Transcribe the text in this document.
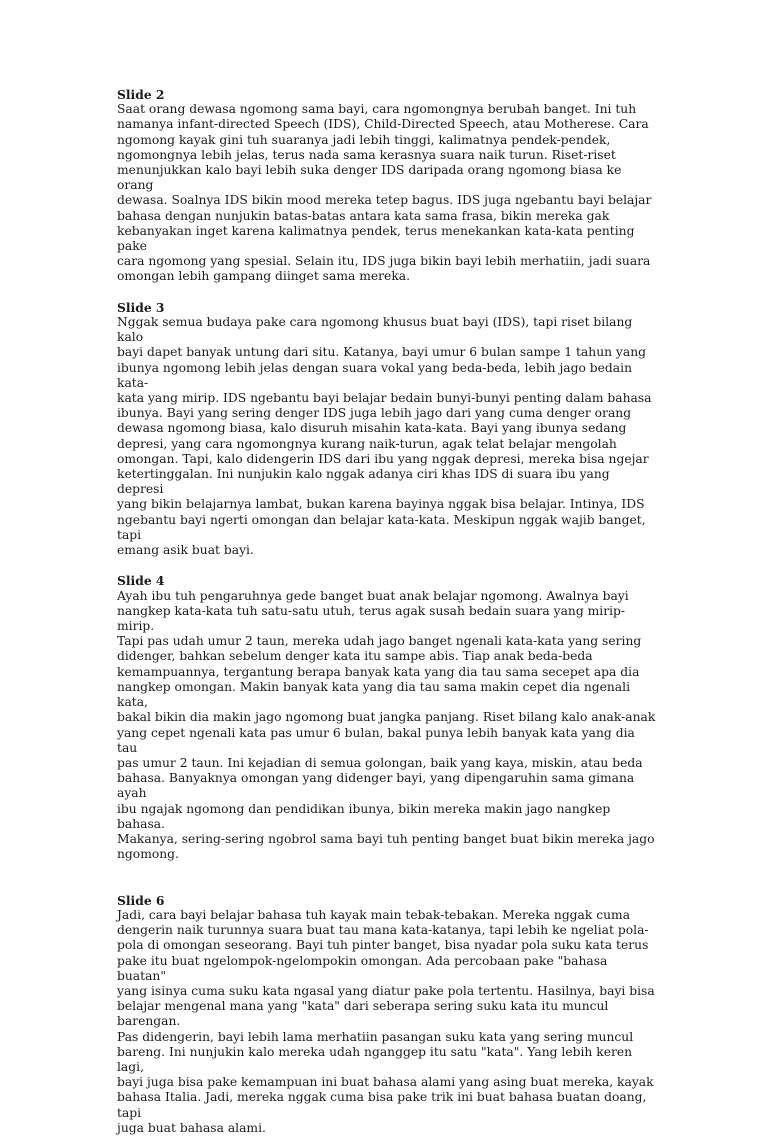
Slide 2

Saat orang dewasa ngomong sama bayi, cara ngomongnya berubah banget. Ini tuh
namanya infant-directed Speech (IDS), Child-Directed Speech, atau Motherese. Cara
ngomong kayak gini tuh suaranya jadi lebih tinggi, kalimatnya pendek-pendek,
ngomongnya lebih jelas, terus nada sama kerasnya suara naik turun. Riset-riset
menunjukkan kalo bayi lebih suka denger IDS daripada orang ngomong biasa ke orang
dewasa. Soalnya IDS bikin mood mereka tetep bagus. IDS juga ngebantu bayi belajar
bahasa dengan nunjukin batas-batas antara kata sama frasa, bikin mereka gak
kebanyakan inget karena kalimatnya pendek, terus menekankan kata-kata penting pake
cara ngomong yang spesial. Selain itu, IDS juga bikin bayi lebih merhatiin, jadi suara
omongan lebih gampang diinget sama mereka.

Slide 3

Nggak semua budaya pake cara ngomong khusus buat bayi (IDS), tapi riset bilang kalo
bayi dapet banyak untung dari situ. Katanya, bayi umur 6 bulan sampe 1 tahun yang
ibunya ngomong lebih jelas dengan suara vokal yang beda-beda, lebih jago bedain kata-
kata yang mirip. IDS ngebantu bayi belajar bedain bunyi-bunyi penting dalam bahasa
ibunya. Bayi yang sering denger IDS juga lebih jago dari yang cuma denger orang
dewasa ngomong biasa, kalo disuruh misahin kata-kata. Bayi yang ibunya sedang
depresi, yang cara ngomongnya kurang naik-turun, agak telat belajar mengolah
omongan. Tapi, kalo didengerin IDS dari ibu yang nggak depresi, mereka bisa ngejar
ketertinggalan. Ini nunjukin kalo nggak adanya ciri khas IDS di suara ibu yang depresi
yang bikin belajarnya lambat, bukan karena bayinya nggak bisa belajar. Intinya, IDS
ngebantu bayi ngerti omongan dan belajar kata-kata. Meskipun nggak wajib banget, tapi
emang asik buat bayi.

Slide 4

Ayah ibu tuh pengaruhnya gede banget buat anak belajar ngomong. Awalnya bayi
nangkep kata-kata tuh satu-satu utuh, terus agak susah bedain suara yang mirip-mirip.
Tapi pas udah umur 2 taun, mereka udah jago banget ngenali kata-kata yang sering
didenger, bahkan sebelum denger kata itu sampe abis. Tiap anak beda-beda
kemampuannya, tergantung berapa banyak kata yang dia tau sama secepet apa dia
nangkep omongan. Makin banyak kata yang dia tau sama makin cepet dia ngenali kata,
bakal bikin dia makin jago ngomong buat jangka panjang. Riset bilang kalo anak-anak
yang cepet ngenali kata pas umur 6 bulan, bakal punya lebih banyak kata yang dia tau
pas umur 2 taun. Ini kejadian di semua golongan, baik yang kaya, miskin, atau beda
bahasa. Banyaknya omongan yang didenger bayi, yang dipengaruhin sama gimana ayah
ibu ngajak ngomong dan pendidikan ibunya, bikin mereka makin jago nangkep bahasa.
Makanya, sering-sering ngobrol sama bayi tuh penting banget buat bikin mereka jago
ngomong.

Slide 6

Jadi, cara bayi belajar bahasa tuh kayak main tebak-tebakan. Mereka nggak cuma
dengerin naik turunnya suara buat tau mana kata-katanya, tapi lebih ke ngeliat pola-
pola di omongan seseorang. Bayi tuh pinter banget, bisa nyadar pola suku kata terus
pake itu buat ngelompok-ngelompokin omongan. Ada percobaan pake "bahasa buatan"
yang isinya cuma suku kata ngasal yang diatur pake pola tertentu. Hasilnya, bayi bisa
belajar mengenal mana yang "kata" dari seberapa sering suku kata itu muncul barengan.
Pas didengerin, bayi lebih lama merhatiin pasangan suku kata yang sering muncul
bareng. Ini nunjukin kalo mereka udah nganggep itu satu "kata". Yang lebih keren lagi,
bayi juga bisa pake kemampuan ini buat bahasa alami yang asing buat mereka, kayak
bahasa Italia. Jadi, mereka nggak cuma bisa pake trik ini buat bahasa buatan doang, tapi
juga buat bahasa alami.
